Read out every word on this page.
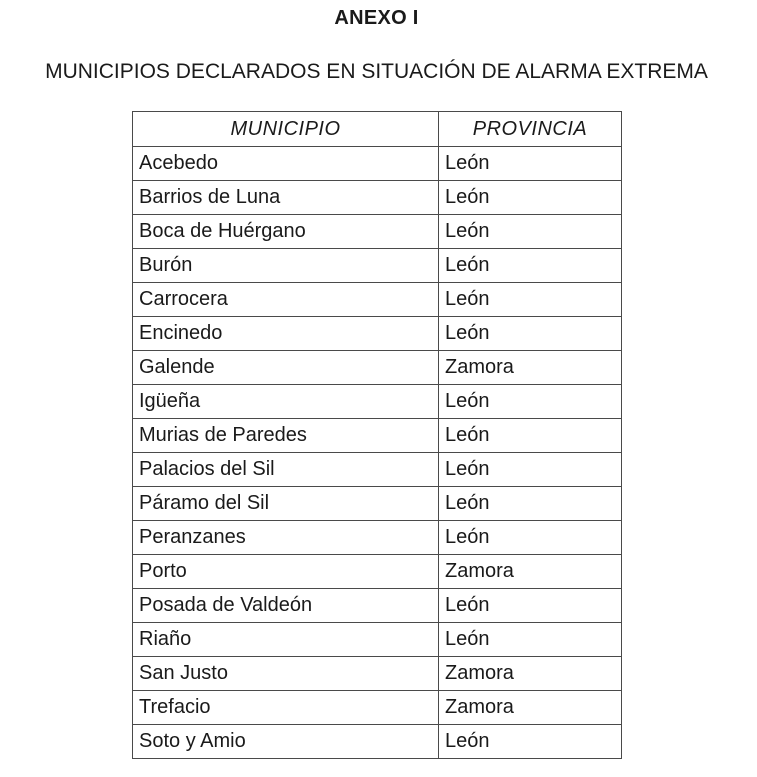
ANEXO I
MUNICIPIOS DECLARADOS EN SITUACIÓN DE ALARMA EXTREMA
MUNICIPIO	PROVINCIA
Acebedo	León
Barrios de Luna	León
Boca de Huérgano	León
Burón	León
Carrocera	León
Encinedo	León
Galende	Zamora
Igüeña	León
Murias de Paredes	León
Palacios del Sil	León
Páramo del Sil	León
Peranzanes	León
Porto	Zamora
Posada de Valdeón	León
Riaño	León
San Justo	Zamora
Trefacio	Zamora
Soto y Amio	León
